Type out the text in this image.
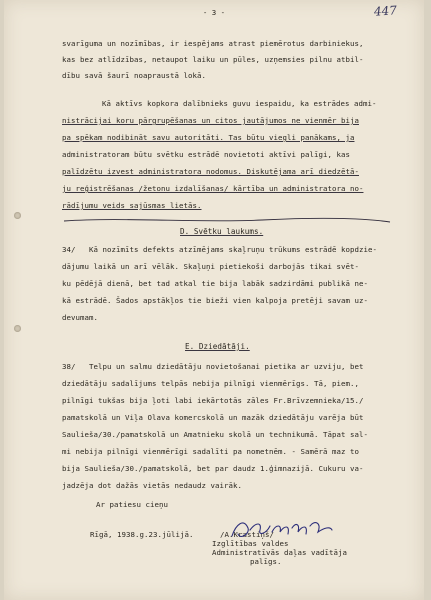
- 3 -	447
svarīguma un nozīmības, ir iespējams atrast piemērotus darbiniekus,
kas bez atlīdzības, netaupot laiku un pūles, uzņemsies pilnu atbil-
dību savā šaurī noapraustā lokā.
Kā aktīvs kopkora dalībnieks guvu iespaidu, ka estrādes admi-
nistrācijai koru pārgrupēšanas un citos jautājumos ne vienmēr bija
pa spēkam nodibināt savu autoritāti. Tas būtu viegli panākams, ja
administratoram būtu svētku estrādē novietoti aktīvi palīgi, kas
palīdzētu izvest administratora nodomus. Diskutējama arī diedzētā-
ju reģistrēšanas /žetonu izdalīšanas/ kārtība un administratora no-
rādījumu veids sajūsmas lietās.
D. Svētku laukums.
34/   Kā nozīmīts defekts atzīmējams skaļruņu trūkums estrādē kopdzie-
dājumu laikā un arī vēlāk. Skaļuņi pietiekoši darbojās tikai svēt-
ku pēdējā dienā, bet tad atkal tie bija labāk sadzirdāmi publikā ne-
kā estrādē. Šados apstākļos tie bieži vien kalpoja pretēji savam uz-
devumam.
E. Dziedātāji.
38/   Telpu un salmu dziedātāju novietošanai pietika ar uzviju, bet
dziedātāju sadalījums telpās nebija pilnīgi vienmērīgs. Tā, piem.,
pilnīgi tukšas bija ļoti labi iekārtotās zāles Fr.Brīvzemnieka/15./
pamatskolā un Viļa Olava komercskolā un mazāk dziedātāju varēja būt
Saulieša/30./pamatskolā un Amatnieku skolā un technikumā. Tāpat sal-
mi nebija pilnīgi vienmērīgi sadalīti pa nometnēm. - Samērā maz to
bija Saulieša/30./pamatskolā, bet par daudz 1.ģimnazijā. Cukuru va-
jadzēja dot dažās vietās nedaudz vairāk.
Ar patiesu cieņu
Rīgā, 1938.g.23.jūlijā.	/A.Krastiņš/
Izglītības valdes
Administratīvās daļas vadītāja
palīgs.
